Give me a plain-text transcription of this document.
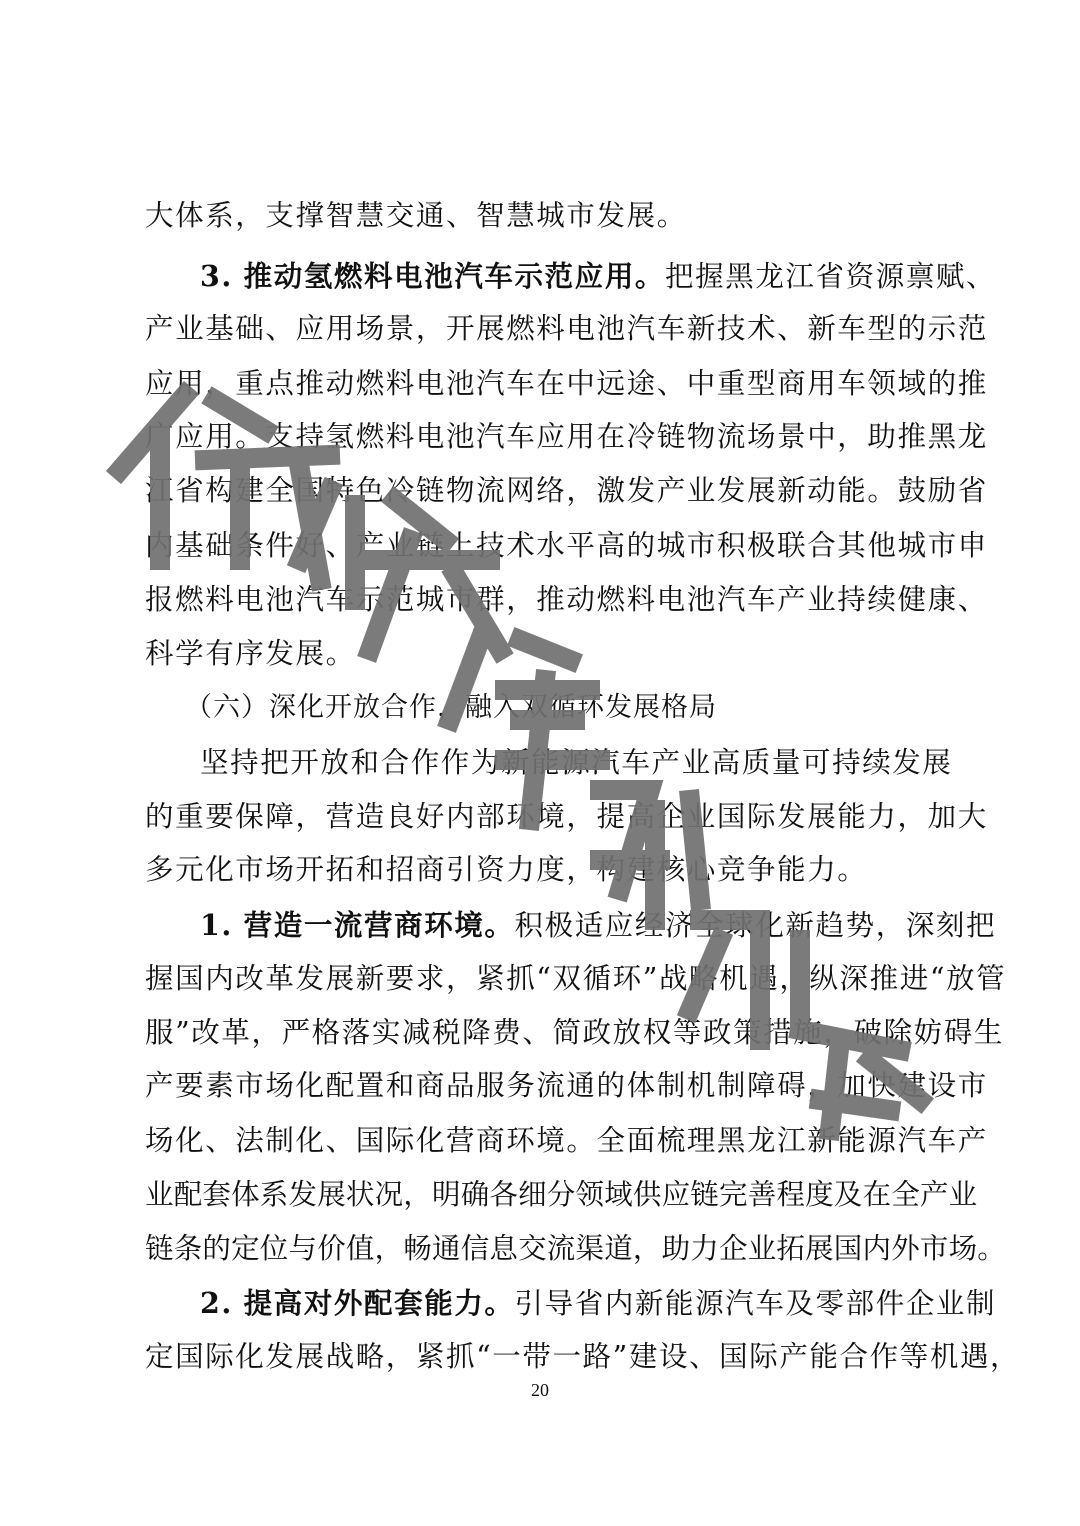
大体系，支撑智慧交通、智慧城市发展。
3. 推动氢燃料电池汽车示范应用。把握黑龙江省资源禀赋、
产业基础、应用场景，开展燃料电池汽车新技术、新车型的示范
应用，重点推动燃料电池汽车在中远途、中重型商用车领域的推
广应用。支持氢燃料电池汽车应用在冷链物流场景中，助推黑龙
江省构建全国特色冷链物流网络，激发产业发展新动能。鼓励省
内基础条件好、产业链上技术水平高的城市积极联合其他城市申
报燃料电池汽车示范城市群，推动燃料电池汽车产业持续健康、
科学有序发展。
（六）深化开放合作，融入双循环发展格局
坚持把开放和合作作为新能源汽车产业高质量可持续发展
的重要保障，营造良好内部环境，提高企业国际发展能力，加大
多元化市场开拓和招商引资力度，构建核心竞争能力。
1. 营造一流营商环境。积极适应经济全球化新趋势，深刻把
握国内改革发展新要求，紧抓“双循环”战略机遇，纵深推进“放管
服”改革，严格落实减税降费、简政放权等政策措施，破除妨碍生
产要素市场化配置和商品服务流通的体制机制障碍，加快建设市
场化、法制化、国际化营商环境。全面梳理黑龙江新能源汽车产
业配套体系发展状况，明确各细分领域供应链完善程度及在全产业
链条的定位与价值，畅通信息交流渠道，助力企业拓展国内外市场。
2. 提高对外配套能力。引导省内新能源汽车及零部件企业制
定国际化发展战略，紧抓“一带一路”建设、国际产能合作等机遇，
20
